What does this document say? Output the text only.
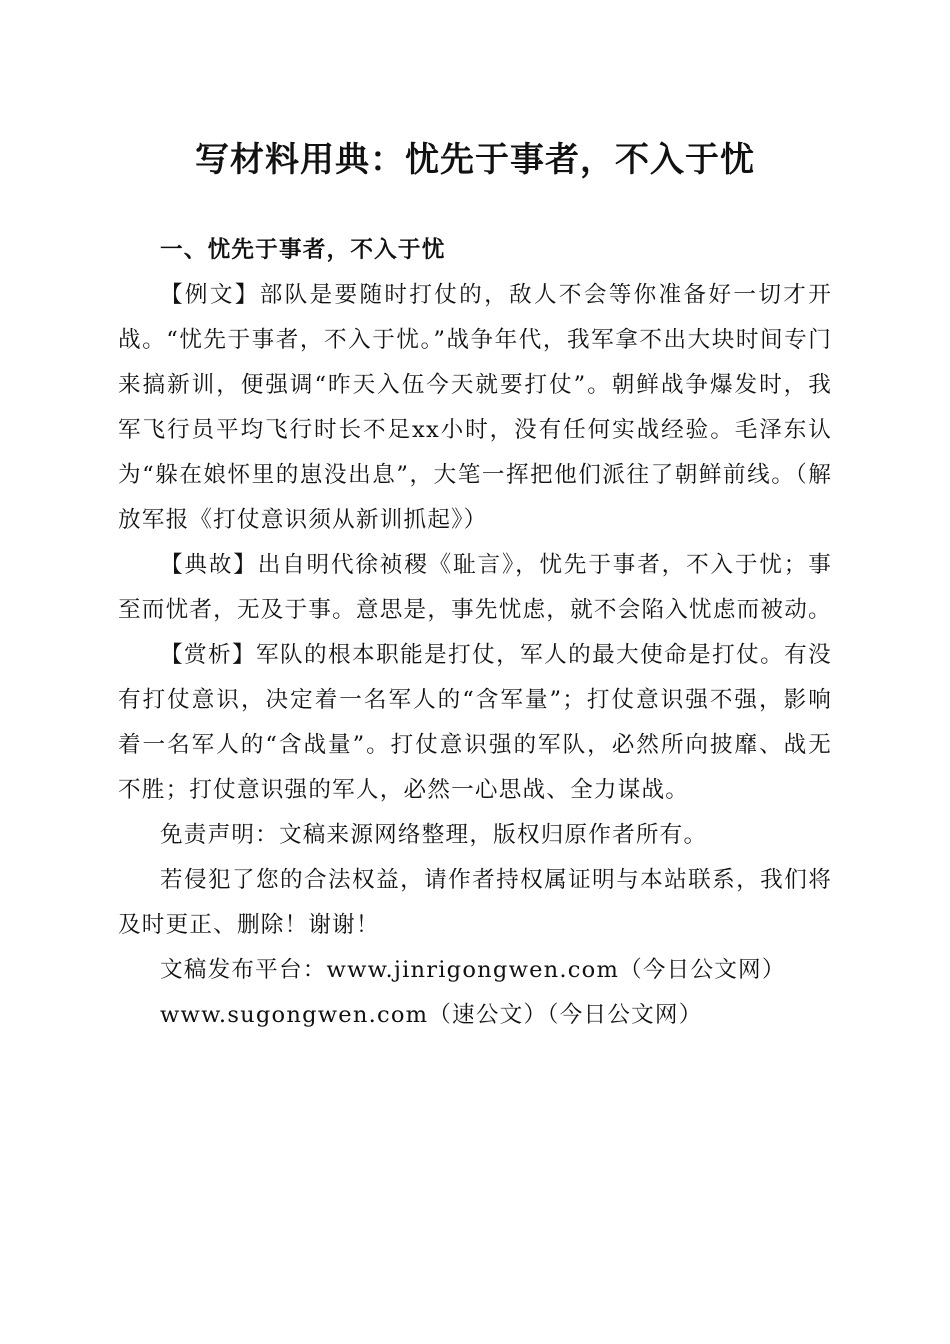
写材料用典：忧先于事者，不入于忧

一、忧先于事者，不入于忧

【例文】部队是要随时打仗的，敌人不会等你准备好一切才开战。“忧先于事者，不入于忧。”战争年代，我军拿不出大块时间专门来搞新训，便强调“昨天入伍今天就要打仗”。朝鲜战争爆发时，我军飞行员平均飞行时长不足xx小时，没有任何实战经验。毛泽东认为“躲在娘怀里的崽没出息”，大笔一挥把他们派往了朝鲜前线。（解放军报《打仗意识须从新训抓起》）

【典故】出自明代徐祯稷《耻言》，忧先于事者，不入于忧；事至而忧者，无及于事。意思是，事先忧虑，就不会陷入忧虑而被动。

【赏析】军队的根本职能是打仗，军人的最大使命是打仗。有没有打仗意识，决定着一名军人的“含军量”；打仗意识强不强，影响着一名军人的“含战量”。打仗意识强的军队，必然所向披靡、战无不胜；打仗意识强的军人，必然一心思战、全力谋战。

免责声明：文稿来源网络整理，版权归原作者所有。

若侵犯了您的合法权益，请作者持权属证明与本站联系，我们将及时更正、删除！谢谢！

文稿发布平台：www.jinrigongwen.com（今日公文网）

www.sugongwen.com（速公文）（今日公文网）
